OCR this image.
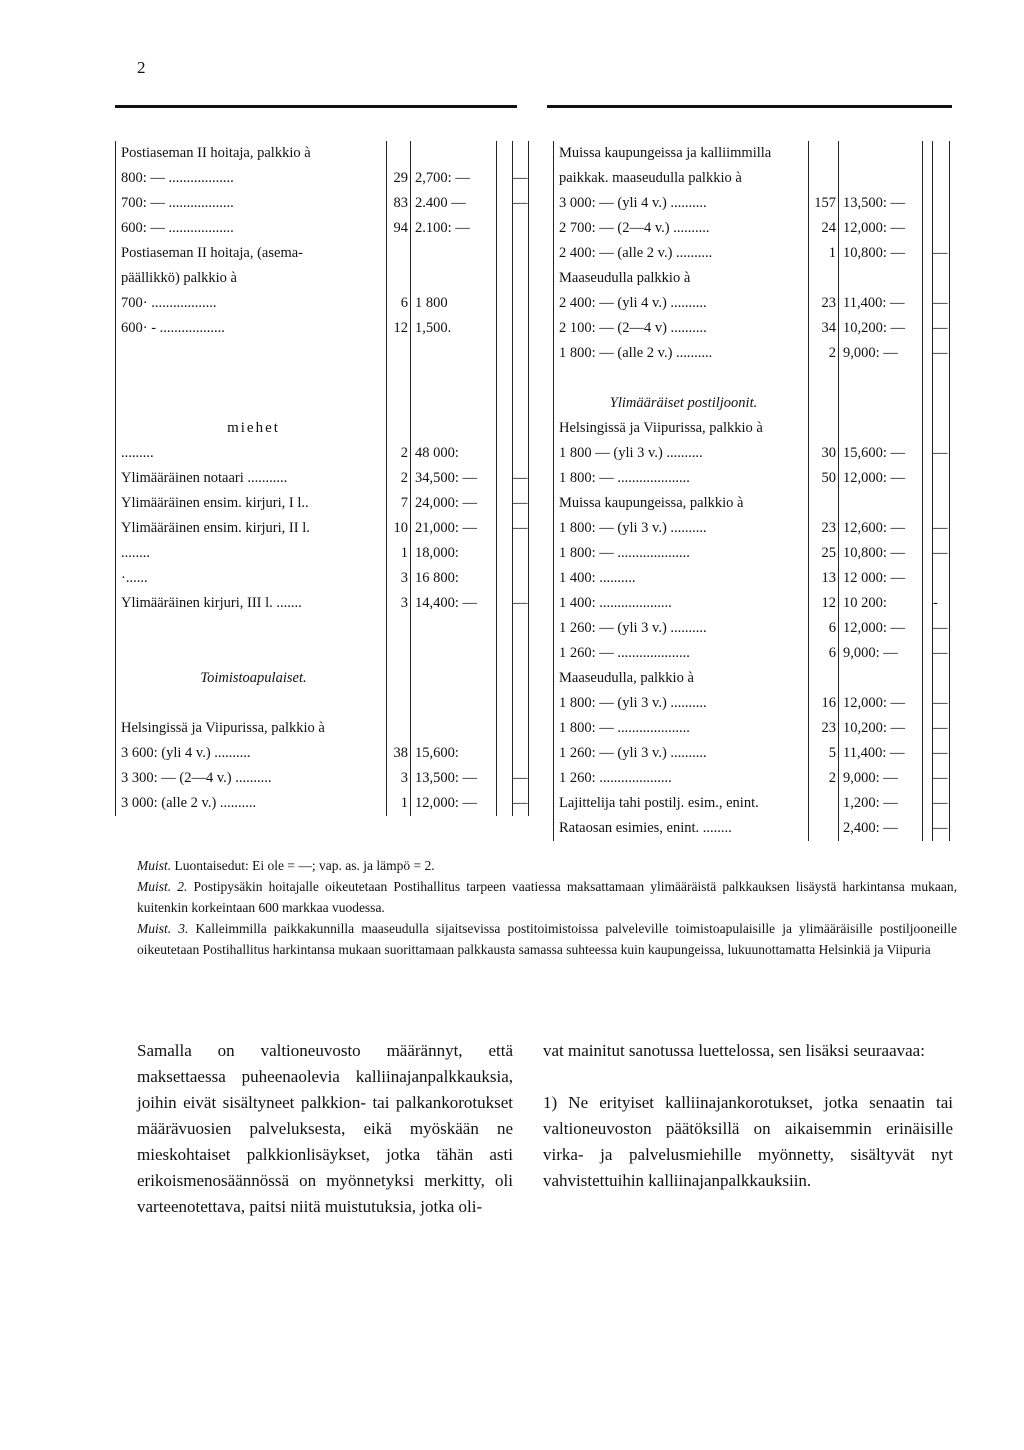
2
Postiaseman II hoitaja, palkkio à				
800: — ..................	29	2,700: —		—
700: — ..................	83	2.400 —		—
600: — ..................	94	2.100: —		
Postiaseman II hoitaja, (asema-				
päällikkö) palkkio à				
700· ..................	6	1 800		
600· - ..................	12	1,500.		

miehet				
.........	2	48 000:		
Ylimääräinen notaari ...........	2	34,500: —		—
Ylimääräinen ensim. kirjuri, I l..	7	24,000: —		—
Ylimääräinen ensim. kirjuri, II l.	10	21,000: —		—
........	1	18,000:		
·......	3	16 800:		
Ylimääräinen kirjuri, III l. .......	3	14,400: —		—

Toimistoapulaiset.				

Helsingissä ja Viipurissa, palkkio à				
3 600: (yli 4 v.) ..........	38	15,600:		
3 300: — (2—4 v.) ..........	3	13,500: —		—
3 000: (alle 2 v.) ..........	1	12,000: —		—
Muissa kaupungeissa ja kalliimmilla				
paikkak. maaseudulla palkkio à				
3 000: — (yli 4 v.) ..........	157	13,500: —		
2 700: — (2—4 v.) ..........	24	12,000: —		
2 400: — (alle 2 v.) ..........	1	10,800: —		—
Maaseudulla palkkio à				
2 400: — (yli 4 v.) ..........	23	11,400: —		—
2 100: — (2—4 v) ..........	34	10,200: —		—
1 800: — (alle 2 v.) ..........	2	9,000: —		—

Ylimääräiset postiljoonit.				
Helsingissä ja Viipurissa, palkkio à				
1 800 — (yli 3 v.) ..........	30	15,600: —		—
1 800: — ....................	50	12,000: —		
Muissa kaupungeissa, palkkio à				
1 800: — (yli 3 v.) ..........	23	12,600: —		—
1 800: — ....................	25	10,800: —		—
1 400: ..........	13	12 000: —		
1 400: ....................	12	10 200:		-
1 260: — (yli 3 v.) ..........	6	12,000: —		—
1 260: — ....................	6	9,000: —		—
Maaseudulla, palkkio à				
1 800: — (yli 3 v.) ..........	16	12,000: —		—
1 800: — ....................	23	10,200: —		—
1 260: — (yli 3 v.) ..........	5	11,400: —		—
1 260: ....................	2	9,000: —		—
Lajittelija tahi postilj. esim., enint.		1,200: —		—
Rataosan esimies, enint. ........		2,400: —		—

Muist. Luontaisedut: Ei ole = —; vap. as. ja lämpö = 2.

Muist. 2. Postipysäkin hoitajalle oikeutetaan Postihallitus tarpeen vaatiessa maksattamaan ylimääräistä palkkauksen lisäystä harkintansa mukaan, kuitenkin korkeintaan 600 markkaa vuodessa.

Muist. 3. Kalleimmilla paikkakunnilla maaseudulla sijaitsevissa postitoimistoissa palveleville toimistoapulaisille ja ylimääräisille postiljooneille oikeutetaan Postihallitus harkintansa mukaan suorittamaan palkkausta samassa suhteessa kuin kaupungeissa, lukuunottamatta Helsinkiä ja Viipuria

Samalla on valtioneuvosto määrännyt, että maksettaessa puheenaolevia kalliinajanpalkkauksia, joihin eivät sisältyneet palkkion- tai palkankorotukset määrävuosien palveluksesta, eikä myöskään ne mieskohtaiset palkkionlisäykset, jotka tähän asti erikoismenosäännössä on myönnetyksi merkitty, oli varteenotettava, paitsi niitä muistutuksia, jotka oli-

vat mainitut sanotussa luettelossa, sen lisäksi seuraavaa:

1) Ne erityiset kalliinajankorotukset, jotka senaatin tai valtioneuvoston päätöksillä on aikaisemmin erinäisille virka- ja palvelusmiehille myönnetty, sisältyvät nyt vahvistettuihin kalliinajanpalkkauksiin.
